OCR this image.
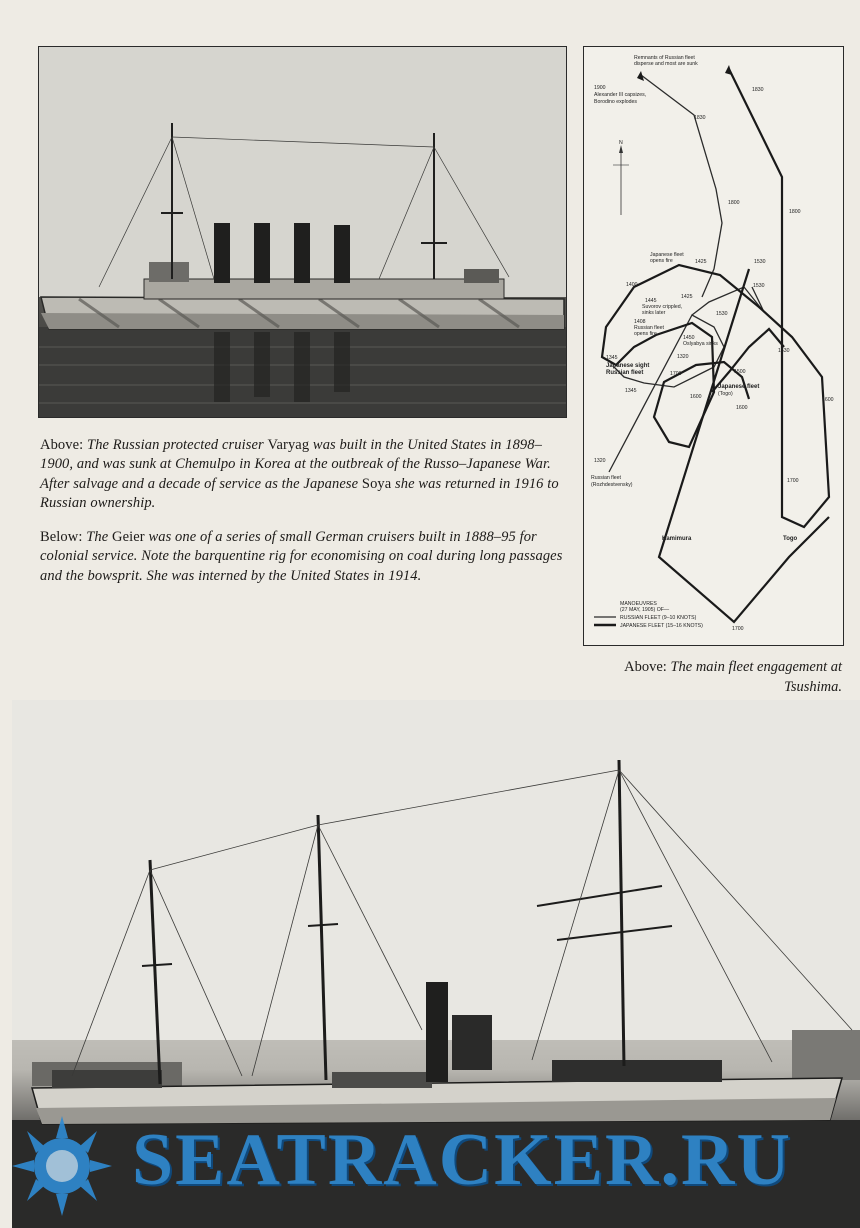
Above: The Russian protected cruiser Varyag was built in the United States in 1898–1900, and was sunk at Chemulpo in Korea at the outbreak of the Russo–Japanese War. After salvage and a decade of service as the Japanese Soya she was returned in 1916 to Russian ownership.
Below: The Geier was one of a series of small German cruisers built in 1888–95 for colonial service. Note the barquentine rig for economising on coal during long passages and the bowsprit. She was interned by the United States in 1914.
N
Remnants of Russian fleet
disperse and most are sunk
1900
Alexander III capsizes,
Borodino explodes
Japanese fleet
opens fire
1445
Suvorov crippled,
sinks later
1408
Russian fleet
opens fire
1450
Oslyabya sinks
1345
Japanese sight
Russian fleet
Japanese fleet
(Togo)
Russian fleet
(Rozhdestvensky)
Kamimura	Togo
1830
1830
1800
1800
1425
1400
1425
1530
1530
1530
1530
1320
1700
1600
1600
1600
1345
1320
1700
1700
1500
MANOEUVRES
(27 MAY, 1905) OF—
RUSSIAN FLEET (9–10 KNOTS)
JAPANESE FLEET (15–16 KNOTS)
Above: The main fleet engagement at Tsushima.
SEATRACKER.RU
